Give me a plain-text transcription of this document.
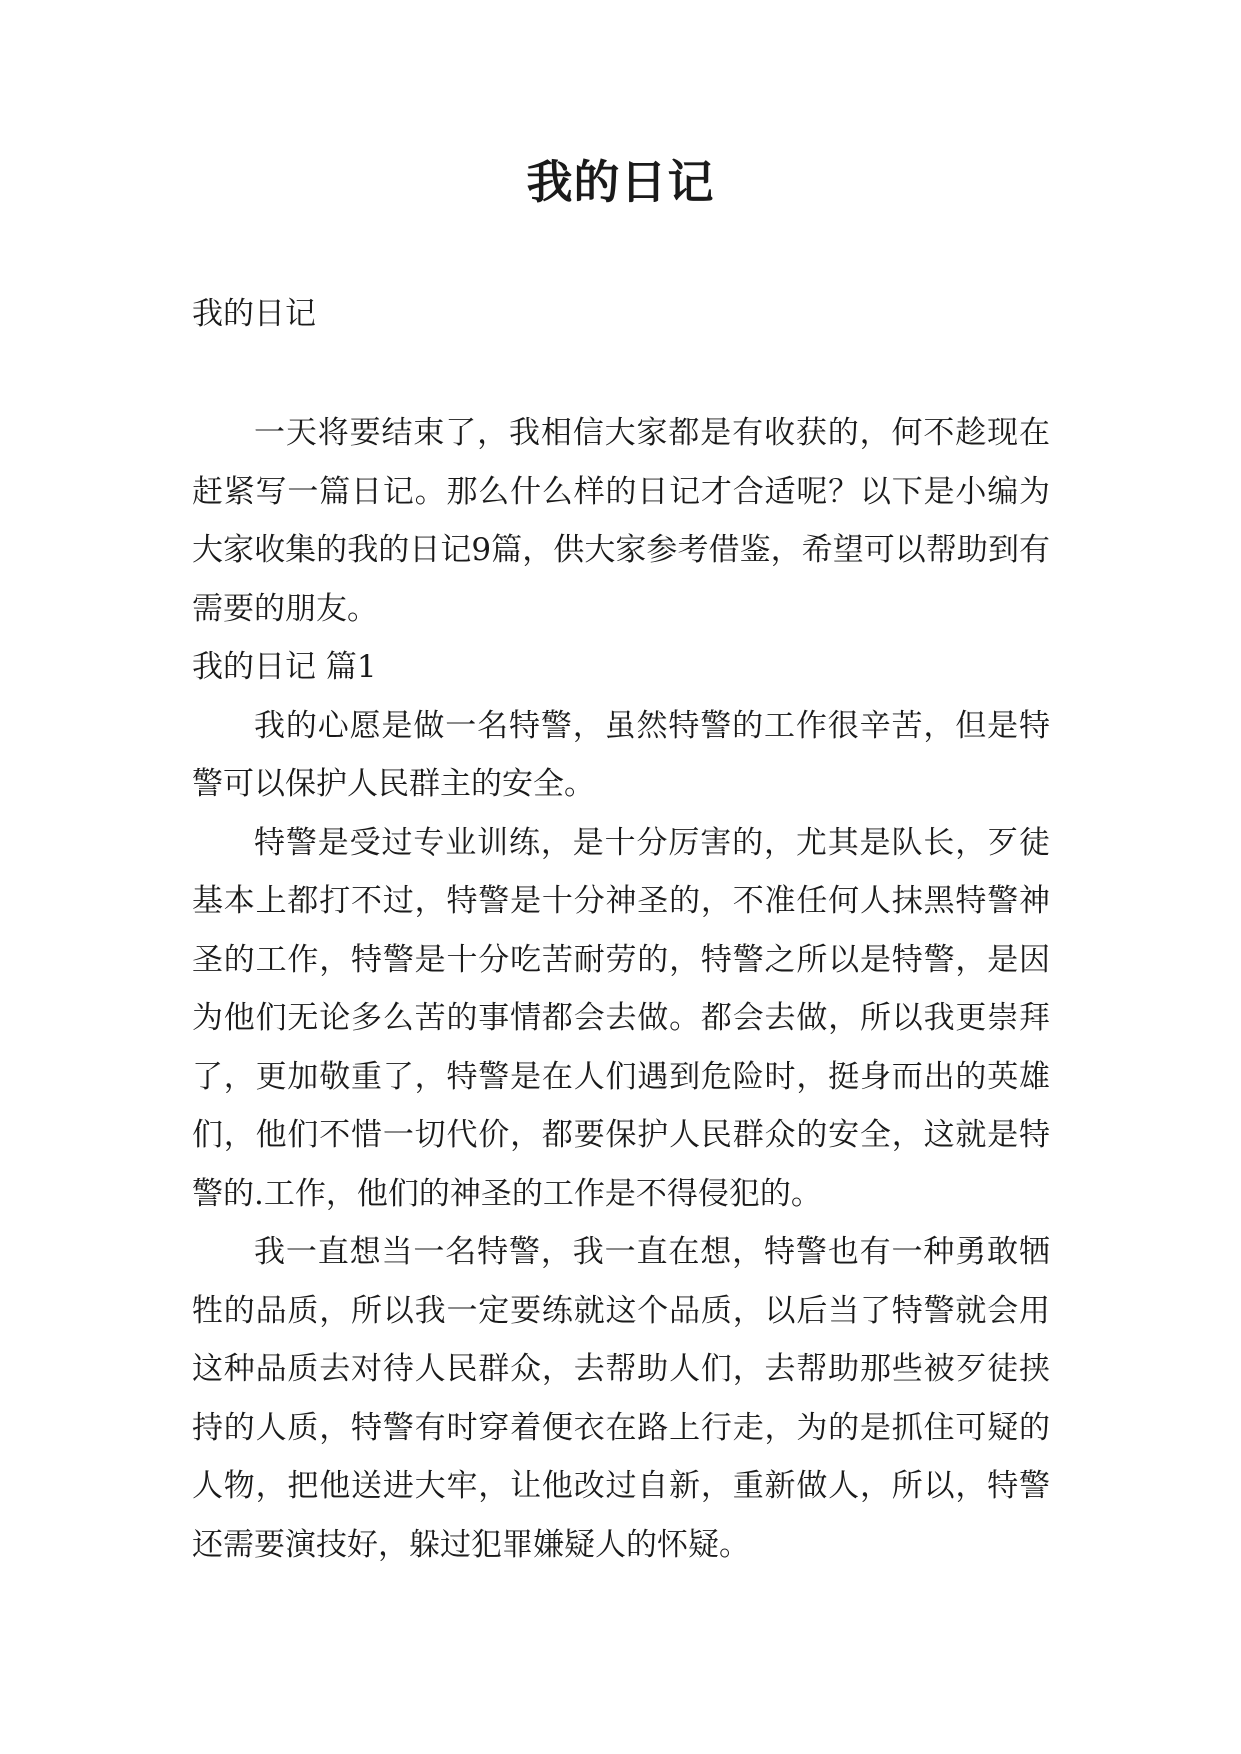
我的日记
我的日记

一天将要结束了，我相信大家都是有收获的，何不趁现在赶紧写一篇日记。那么什么样的日记才合适呢？以下是小编为大家收集的我的日记9篇，供大家参考借鉴，希望可以帮助到有需要的朋友。

我的日记 篇1

我的心愿是做一名特警，虽然特警的工作很辛苦，但是特警可以保护人民群主的安全。

特警是受过专业训练，是十分厉害的，尤其是队长，歹徒基本上都打不过，特警是十分神圣的，不准任何人抹黑特警神圣的工作，特警是十分吃苦耐劳的，特警之所以是特警，是因为他们无论多么苦的事情都会去做。都会去做，所以我更崇拜了，更加敬重了，特警是在人们遇到危险时，挺身而出的英雄们，他们不惜一切代价，都要保护人民群众的安全，这就是特警的.工作，他们的神圣的工作是不得侵犯的。

我一直想当一名特警，我一直在想，特警也有一种勇敢牺牲的品质，所以我一定要练就这个品质，以后当了特警就会用这种品质去对待人民群众，去帮助人们，去帮助那些被歹徒挟持的人质，特警有时穿着便衣在路上行走，为的是抓住可疑的人物，把他送进大牢，让他改过自新，重新做人，所以，特警还需要演技好，躲过犯罪嫌疑人的怀疑。
